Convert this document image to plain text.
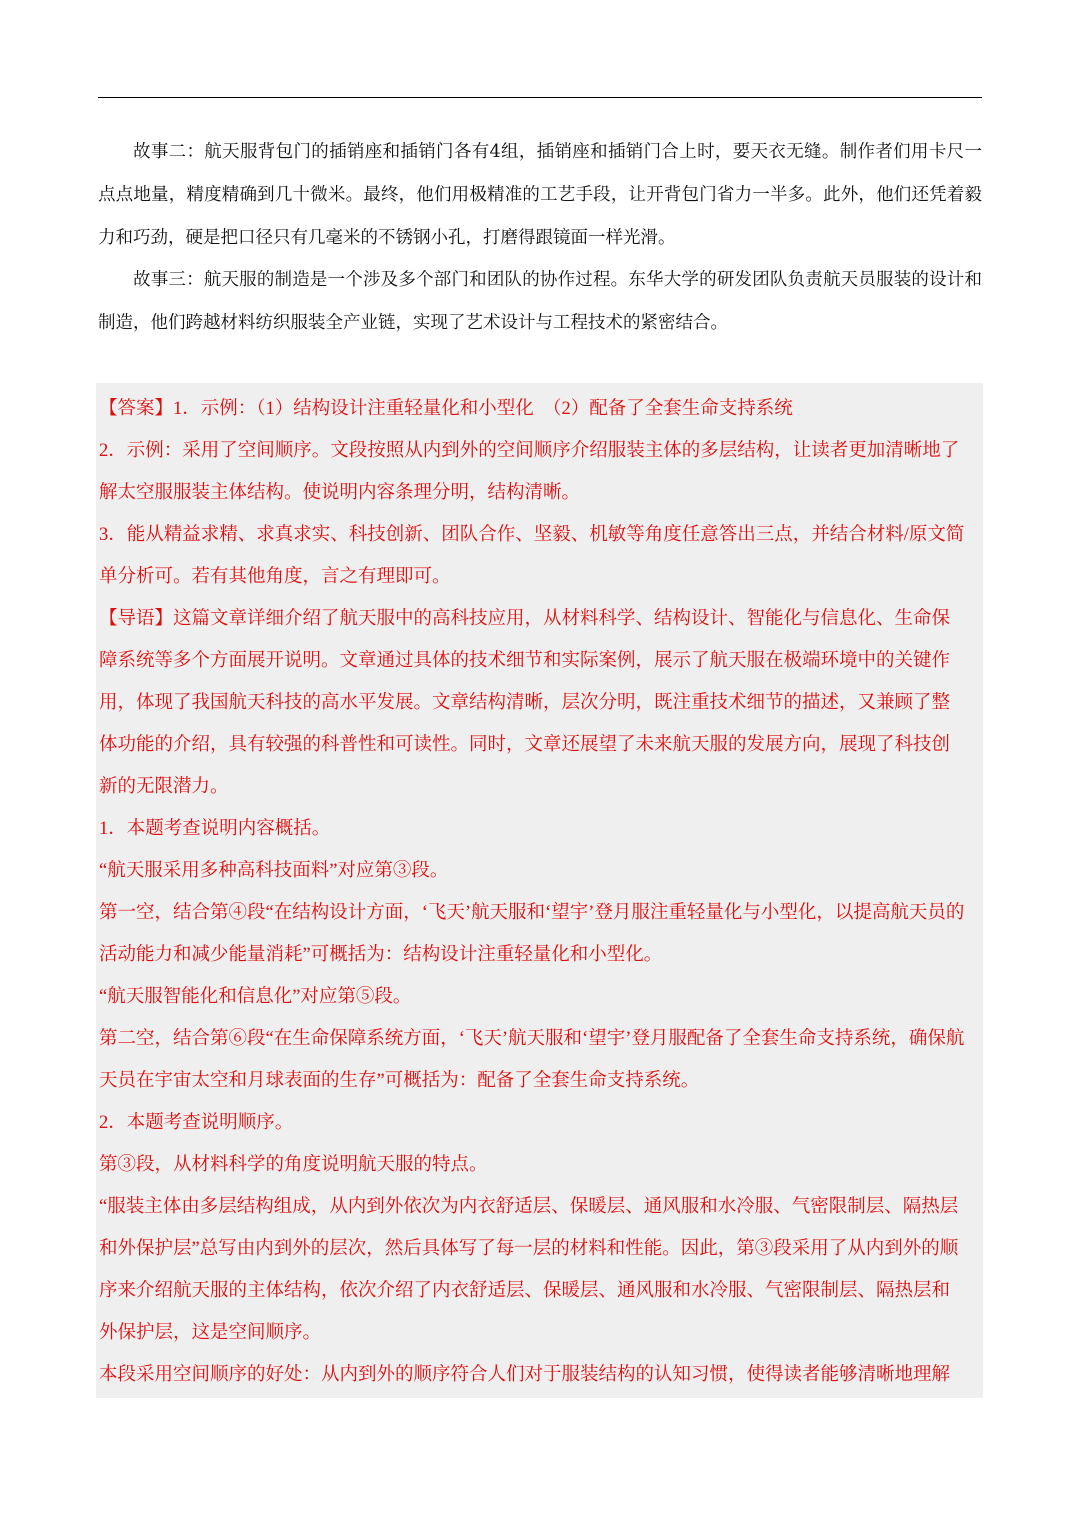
故事二：航天服背包门的插销座和插销门各有4组，插销座和插销门合上时，要天衣无缝。制作者们用卡尺一点点地量，精度精确到几十微米。最终，他们用极精准的工艺手段，让开背包门省力一半多。此外，他们还凭着毅力和巧劲，硬是把口径只有几毫米的不锈钢小孔，打磨得跟镜面一样光滑。

故事三：航天服的制造是一个涉及多个部门和团队的协作过程。东华大学的研发团队负责航天员服装的设计和制造，他们跨越材料纺织服装全产业链，实现了艺术设计与工程技术的紧密结合。

【答案】1．示例：（1）结构设计注重轻量化和小型化　（2）配备了全套生命支持系统
2．示例：采用了空间顺序。文段按照从内到外的空间顺序介绍服装主体的多层结构，让读者更加清晰地了
解太空服服装主体结构。使说明内容条理分明，结构清晰。
3．能从精益求精、求真求实、科技创新、团队合作、坚毅、机敏等角度任意答出三点，并结合材料/原文简
单分析可。若有其他角度，言之有理即可。
【导语】这篇文章详细介绍了航天服中的高科技应用，从材料科学、结构设计、智能化与信息化、生命保
障系统等多个方面展开说明。文章通过具体的技术细节和实际案例，展示了航天服在极端环境中的关键作
用，体现了我国航天科技的高水平发展。文章结构清晰，层次分明，既注重技术细节的描述，又兼顾了整
体功能的介绍，具有较强的科普性和可读性。同时，文章还展望了未来航天服的发展方向，展现了科技创
新的无限潜力。
1．本题考查说明内容概括。
“航天服采用多种高科技面料”对应第③段。
第一空，结合第④段“在结构设计方面，‘飞天’航天服和‘望宇’登月服注重轻量化与小型化，以提高航天员的
活动能力和减少能量消耗”可概括为：结构设计注重轻量化和小型化。
“航天服智能化和信息化”对应第⑤段。
第二空，结合第⑥段“在生命保障系统方面，‘飞天’航天服和‘望宇’登月服配备了全套生命支持系统，确保航
天员在宇宙太空和月球表面的生存”可概括为：配备了全套生命支持系统。
2．本题考查说明顺序。
第③段，从材料科学的角度说明航天服的特点。
“服装主体由多层结构组成，从内到外依次为内衣舒适层、保暖层、通风服和水冷服、气密限制层、隔热层
和外保护层”总写由内到外的层次，然后具体写了每一层的材料和性能。因此，第③段采用了从内到外的顺
序来介绍航天服的主体结构，依次介绍了内衣舒适层、保暖层、通风服和水冷服、气密限制层、隔热层和
外保护层，这是空间顺序。
本段采用空间顺序的好处：从内到外的顺序符合人们对于服装结构的认知习惯，使得读者能够清晰地理解
